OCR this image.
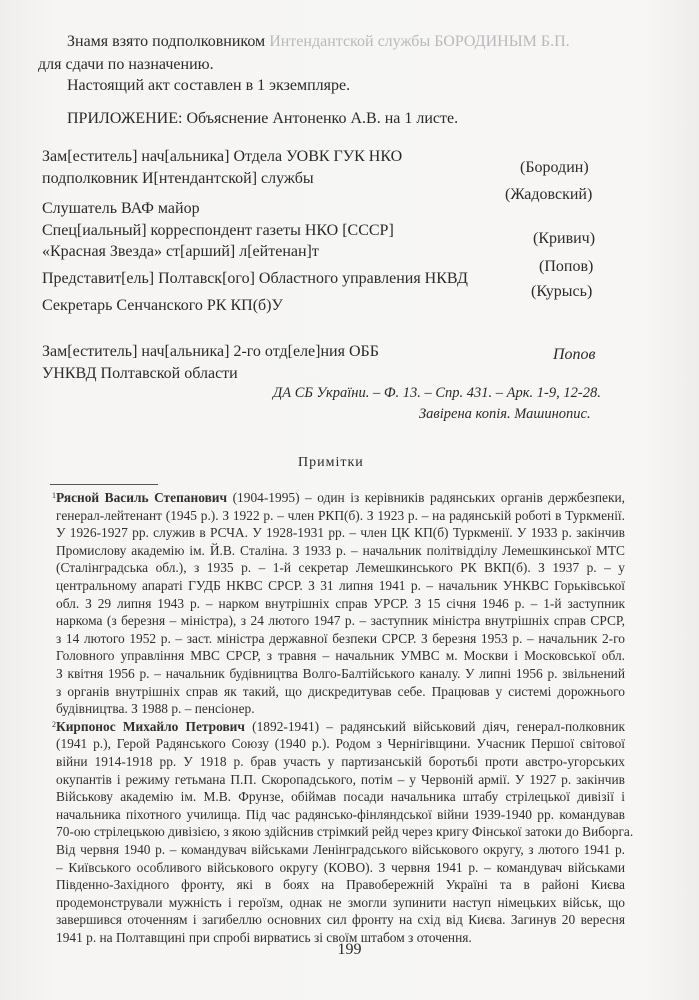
Знамя взято подполковником Интендантской службы БОРОДИНЫМ Б.П.
для сдачи по назначению.
Настоящий акт составлен в 1 экземпляре.
ПРИЛОЖЕНИЕ: Объяснение Антоненко А.В. на 1 листе.
Зам[еститель] нач[альника] Отдела УОВК ГУК НКО
подполковник И[нтендантской] службы
(Бородин)
Слушатель ВАФ майор
(Жадовский)
Спец[иальный] корреспондент газеты НКО [СССР]
«Красная Звезда» ст[арший] л[ейтенан]т
(Кривич)
Представит[ель] Полтавск[ого] Областного управления НКВД
(Попов)
Секретарь Сенчанского РК КП(б)У
(Курысь)
Зам[еститель] нач[альника] 2-го отд[еле]ния ОББ
УНКВД Полтавской области
Попов
ДА СБ України. – Ф. 13. – Спр. 431. – Арк. 1-9, 12-28.
Завірена копія. Машинопис.
Примітки
$^1$Рясной Василь Степанович (1904-1995) – один із керівників радянських органів держбезпеки,
генерал-лейтенант (1945 р.). З 1922 р. – член РКП(б). З 1923 р. – на радянській роботі в Туркменії.
У 1926-1927 рр. служив в РСЧА. У 1928-1931 рр. – член ЦК КП(б) Туркменії. У 1933 р. закінчив
Промислову академію ім. Й.В. Сталіна. З 1933 р. – начальник політвідділу Лемешкинської МТС
(Сталінградська обл.), з 1935 р. – 1-й секретар Лемешкинського РК ВКП(б). З 1937 р. – у
центральному апараті ГУДБ НКВС СРСР. З 31 липня 1941 р. – начальник УНКВС Горьківської
обл. З 29 липня 1943 р. – нарком внутрішніх справ УРСР. З 15 січня 1946 р. – 1-й заступник
наркома (з березня – міністра), з 24 лютого 1947 р. – заступник міністра внутрішніх справ СРСР,
з 14 лютого 1952 р. – заст. міністра державної безпеки СРСР. З березня 1953 р. – начальник 2-го
Головного управління МВС СРСР, з травня – начальник УМВС м. Москви і Московської обл.
З квітня 1956 р. – начальник будівництва Волго-Балтійського каналу. У липні 1956 р. звільнений
з органів внутрішніх справ як такий, що дискредитував себе. Працював у системі дорожнього
будівництва. З 1988 р. – пенсіонер.
$^2$Кирпонос Михайло Петрович (1892-1941) – радянський військовий діяч, генерал-полковник
(1941 р.), Герой Радянського Союзу (1940 р.). Родом з Чернігівщини. Учасник Першої світової
війни 1914-1918 рр. У 1918 р. брав участь у партизанській боротьбі проти австро-угорських
окупантів і режиму гетьмана П.П. Скоропадського, потім – у Червоній армії. У 1927 р. закінчив
Військову академію ім. М.В. Фрунзе, обіймав посади начальника штабу стрілецької дивізії і
начальника піхотного училища. Під час радянсько-фінляндської війни 1939-1940 рр. командував
70-ою стрілецькою дивізією, з якою здійснив стрімкий рейд через кригу Фінської затоки до Виборга.
Від червня 1940 р. – командувач військами Ленінградського військового округу, з лютого 1941 р.
– Київського особливого військового округу (КОВО). З червня 1941 р. – командувач військами
Південно-Західного фронту, які в боях на Правобережній Україні та в районі Києва
продемонстрували мужність і героїзм, однак не змогли зупинити наступ німецьких військ, що
завершився оточенням і загибеллю основних сил фронту на схід від Києва. Загинув 20 вересня
1941 р. на Полтавщині при спробі вирватись зі своїм штабом з оточення.
199
